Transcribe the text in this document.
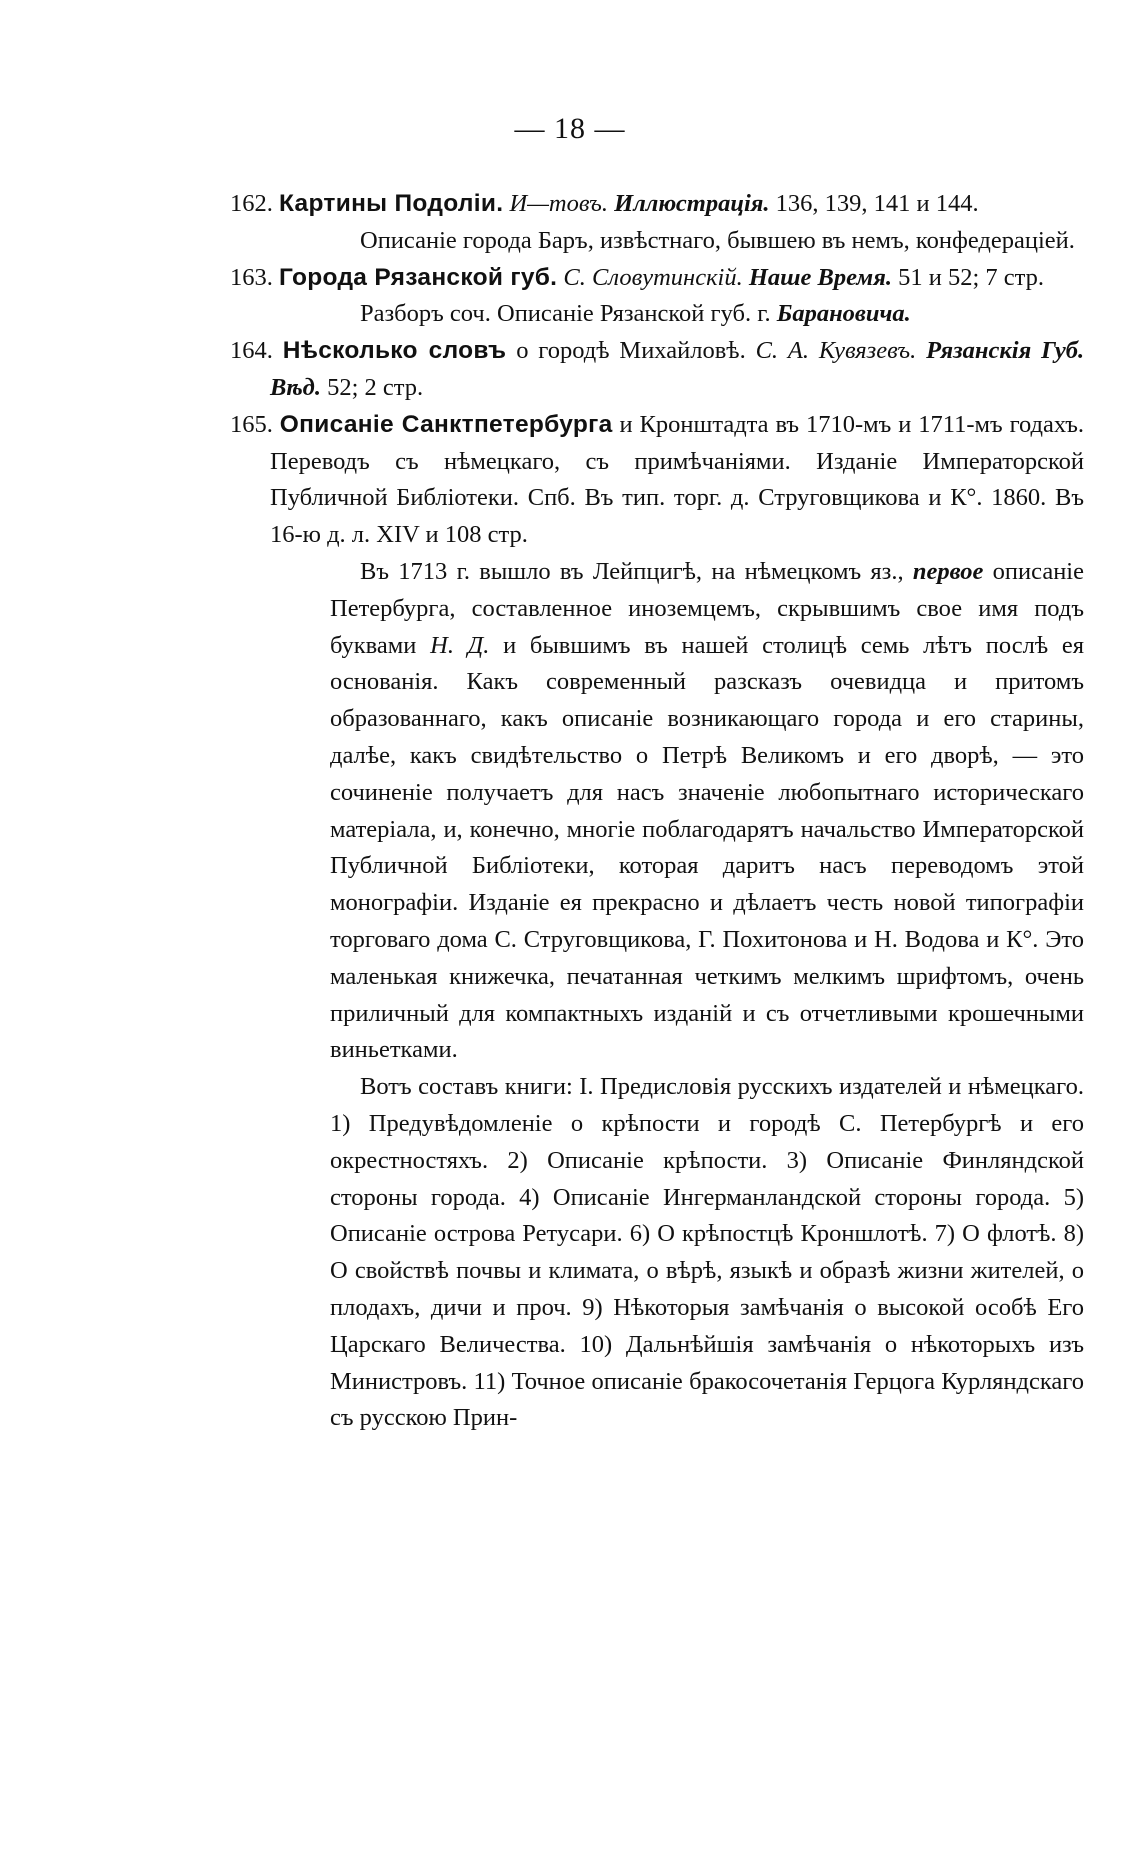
— 18 —

162. Картины Подоліи. И—товъ. Иллюстрація. 136, 139, 141 и 144.

Описаніе города Баръ, извѣстнаго, бывшею въ немъ, конфедераціей.

163. Города Рязанской губ. С. Словутинскій. Наше Время. 51 и 52; 7 стр.

Разборъ соч. Описаніе Рязанской губ. г. Барановича.

164. Нѣсколько словъ о городѣ Михайловѣ. С. А. Кувязевъ. Рязанскія Губ. Вѣд. 52; 2 стр.

165. Описаніе Санктпетербурга и Кронштадта въ 1710-мъ и 1711-мъ годахъ. Переводъ съ нѣмецкаго, съ примѣчаніями. Изданіе Императорской Публичной Библіотеки. Спб. Въ тип. торг. д. Струговщикова и К°. 1860. Въ 16-ю д. л. XIV и 108 стр.

Въ 1713 г. вышло въ Лейпцигѣ, на нѣмецкомъ яз., первое описаніе Петербурга, составленное иноземцемъ, скрывшимъ свое имя подъ буквами Н. Д. и бывшимъ въ нашей столицѣ семь лѣтъ послѣ ея основанія. Какъ современный разсказъ очевидца и притомъ образованнаго, какъ описаніе возникающаго города и его старины, далѣе, какъ свидѣтельство о Петрѣ Великомъ и его дворѣ, — это сочиненіе получаетъ для насъ значеніе любопытнаго историческаго матеріала, и, конечно, многіе поблагодарятъ начальство Императорской Публичной Библіотеки, которая даритъ насъ переводомъ этой монографіи. Изданіе ея прекрасно и дѣлаетъ честь новой типографіи торговаго дома С. Струговщикова, Г. Похитонова и Н. Водова и К°. Это маленькая книжечка, печатанная четкимъ мелкимъ шрифтомъ, очень приличный для компактныхъ изданій и съ отчетливыми крошечными виньетками.

Вотъ составъ книги: I. Предисловія русскихъ издателей и нѣмецкаго. 1) Предувѣдомленіе о крѣпости и городѣ С. Петербургѣ и его окрестностяхъ. 2) Описаніе крѣпости. 3) Описаніе Финляндской стороны города. 4) Описаніе Ингерманландской стороны города. 5) Описаніе острова Ретусари. 6) О крѣпостцѣ Кроншлотѣ. 7) О флотѣ. 8) О свойствѣ почвы и климата, о вѣрѣ, языкѣ и образѣ жизни жителей, о плодахъ, дичи и проч. 9) Нѣкоторыя замѣчанія о высокой особѣ Его Царскаго Величества. 10) Дальнѣйшія замѣчанія о нѣкоторыхъ изъ Министровъ. 11) Точное описаніе бракосочетанія Герцога Курляндскаго съ русскою Прин-
